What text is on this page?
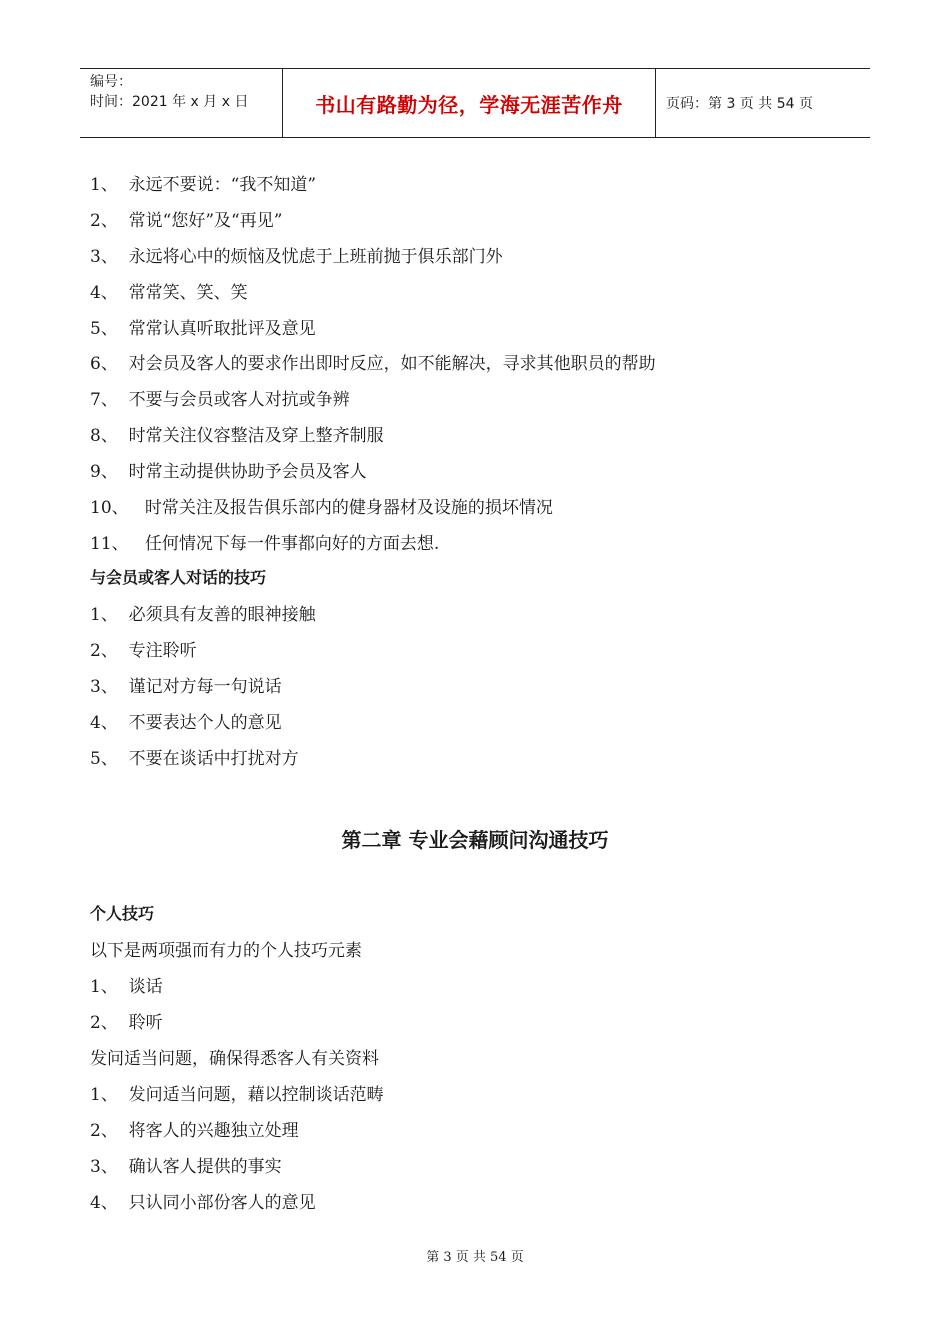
编号：
时间：2021 年 x 月 x 日	书山有路勤为径，学海无涯苦作舟	页码：第 3 页 共 54 页
1、  永远不要说：“我不知道”
2、  常说“您好”及“再见”
3、  永远将心中的烦恼及忧虑于上班前抛于俱乐部门外
4、  常常笑、笑、笑
5、  常常认真听取批评及意见
6、  对会员及客人的要求作出即时反应，如不能解决，寻求其他职员的帮助
7、  不要与会员或客人对抗或争辨
8、  时常关注仪容整洁及穿上整齐制服
9、  时常主动提供协助予会员及客人
10、   时常关注及报告俱乐部内的健身器材及设施的损坏情况
11、   任何情况下每一件事都向好的方面去想.
与会员或客人对话的技巧
1、  必须具有友善的眼神接触
2、  专注聆听
3、  谨记对方每一句说话
4、  不要表达个人的意见
5、  不要在谈话中打扰对方
第二章 专业会藉顾问沟通技巧
个人技巧
以下是两项强而有力的个人技巧元素
1、  谈话
2、  聆听
发问适当问题，确保得悉客人有关资料
1、  发问适当问题，藉以控制谈话范畴
2、  将客人的兴趣独立处理
3、  确认客人提供的事实
4、  只认同小部份客人的意见
第 3 页 共 54 页
